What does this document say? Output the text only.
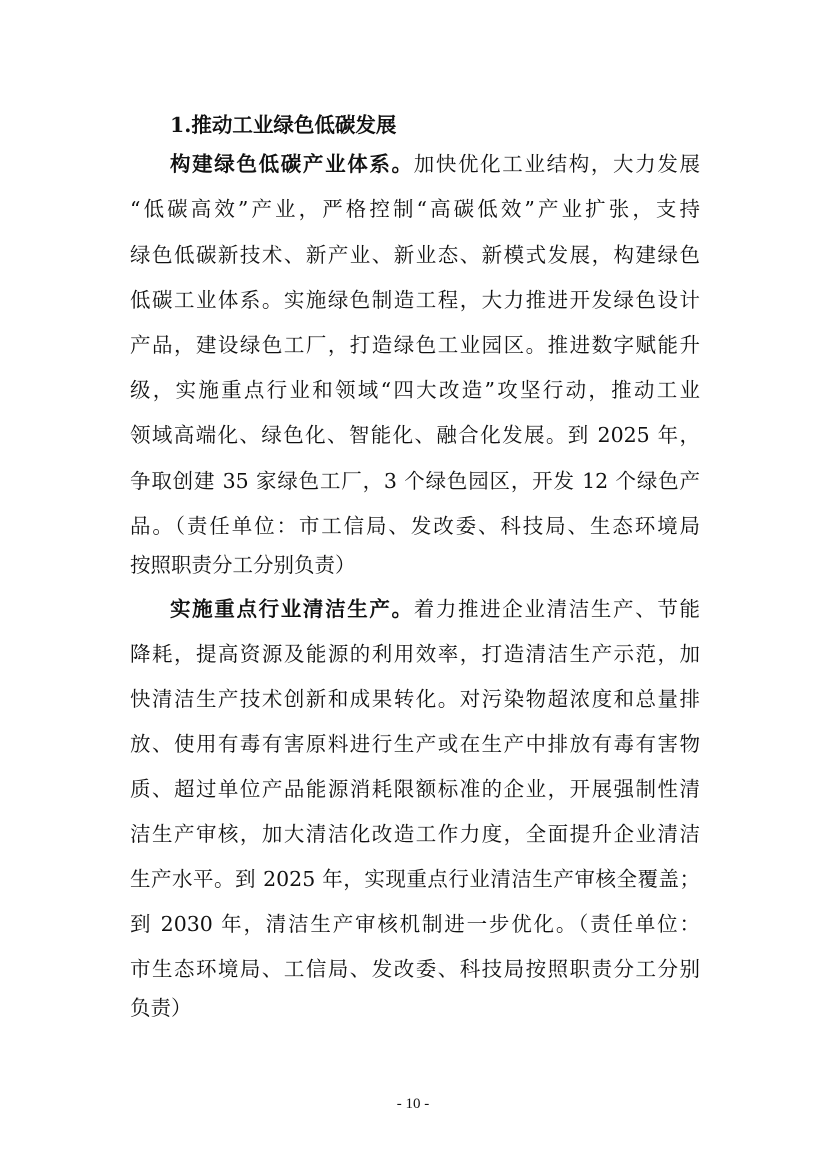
1.推动工业绿色低碳发展
构建绿色低碳产业体系。加快优化工业结构，大力发展
“低碳高效”产业，严格控制“高碳低效”产业扩张，支持
绿色低碳新技术、新产业、新业态、新模式发展，构建绿色
低碳工业体系。实施绿色制造工程，大力推进开发绿色设计
产品，建设绿色工厂，打造绿色工业园区。推进数字赋能升
级，实施重点行业和领域“四大改造”攻坚行动，推动工业
领域高端化、绿色化、智能化、融合化发展。到 2025 年，
争取创建 35 家绿色工厂，3 个绿色园区，开发 12 个绿色产
品。（责任单位：市工信局、发改委、科技局、生态环境局
按照职责分工分别负责）
实施重点行业清洁生产。着力推进企业清洁生产、节能
降耗，提高资源及能源的利用效率，打造清洁生产示范，加
快清洁生产技术创新和成果转化。对污染物超浓度和总量排
放、使用有毒有害原料进行生产或在生产中排放有毒有害物
质、超过单位产品能源消耗限额标准的企业，开展强制性清
洁生产审核，加大清洁化改造工作力度，全面提升企业清洁
生产水平。到 2025 年，实现重点行业清洁生产审核全覆盖；
到 2030 年，清洁生产审核机制进一步优化。（责任单位：
市生态环境局、工信局、发改委、科技局按照职责分工分别
负责）
- 10 -
